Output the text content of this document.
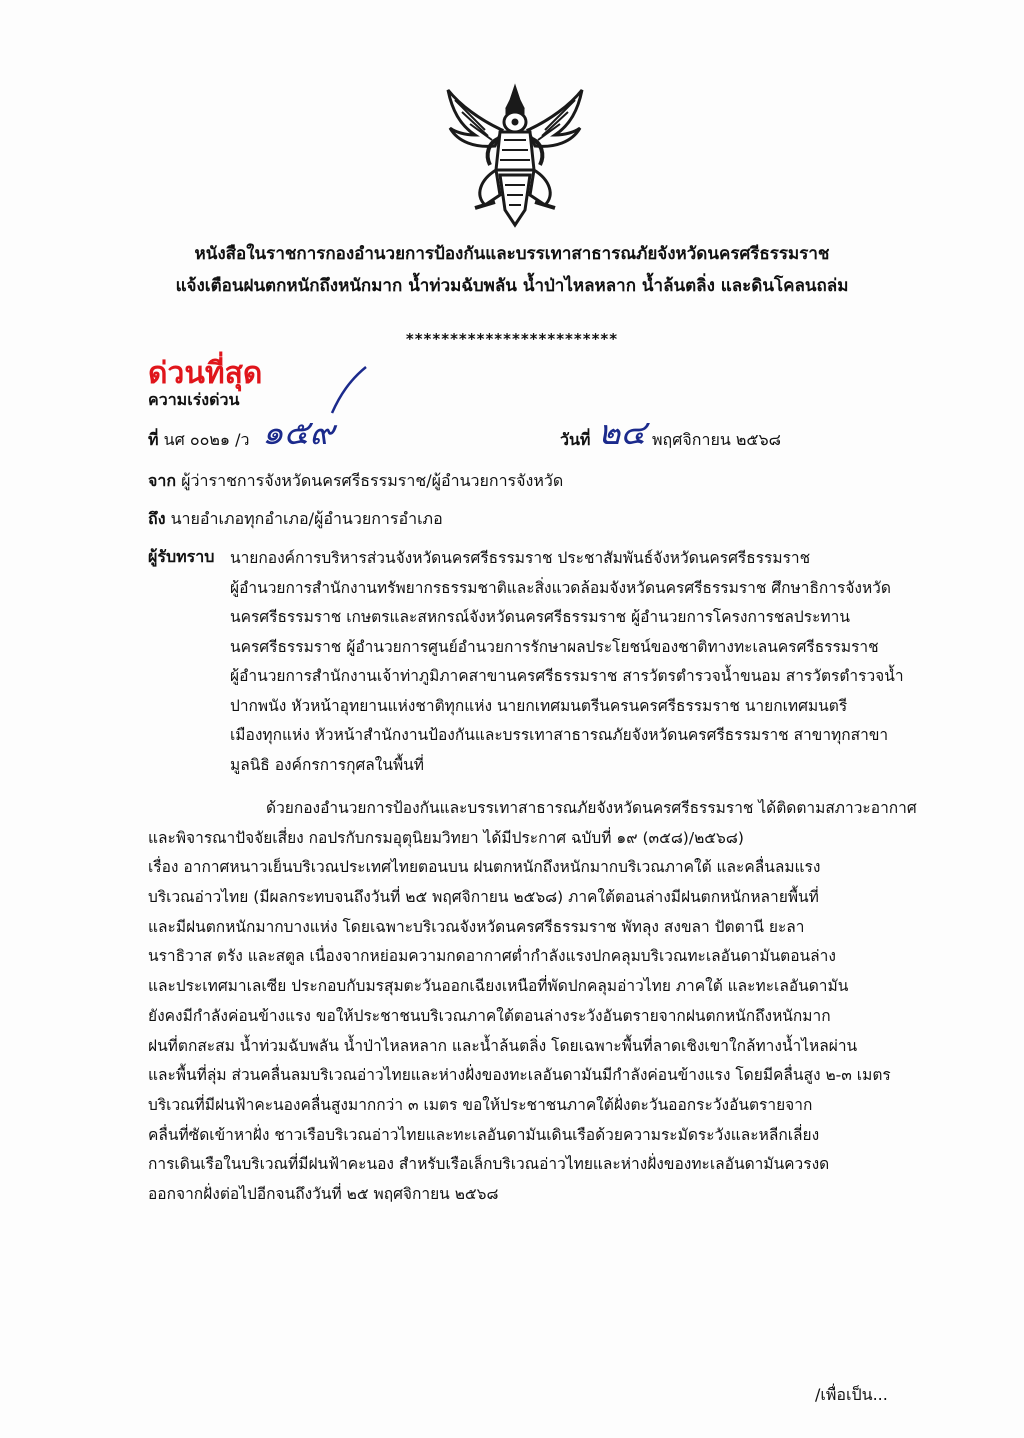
หนังสือในราชการกองอำนวยการป้องกันและบรรเทาสาธารณภัยจังหวัดนครศรีธรรมราช
แจ้งเตือนฝนตกหนักถึงหนักมาก น้ำท่วมฉับพลัน น้ำป่าไหลหลาก น้ำล้นตลิ่ง และดินโคลนถล่ม
************************
ด่วนที่สุด
ความเร่งด่วน
ที่ นศ ๐๐๒๑ /ว ๑๕๙	วันที่ ๒๔ พฤศจิกายน ๒๕๖๘
จาก ผู้ว่าราชการจังหวัดนครศรีธรรมราช/ผู้อำนวยการจังหวัด
ถึง นายอำเภอทุกอำเภอ/ผู้อำนวยการอำเภอ
ผู้รับทราบ นายกองค์การบริหารส่วนจังหวัดนครศรีธรรมราช ประชาสัมพันธ์จังหวัดนครศรีธรรมราช
ผู้อำนวยการสำนักงานทรัพยากรธรรมชาติและสิ่งแวดล้อมจังหวัดนครศรีธรรมราช ศึกษาธิการจังหวัด
นครศรีธรรมราช เกษตรและสหกรณ์จังหวัดนครศรีธรรมราช ผู้อำนวยการโครงการชลประทาน
นครศรีธรรมราช ผู้อำนวยการศูนย์อำนวยการรักษาผลประโยชน์ของชาติทางทะเลนครศรีธรรมราช
ผู้อำนวยการสำนักงานเจ้าท่าภูมิภาคสาขานครศรีธรรมราช สารวัตรตำรวจน้ำขนอม สารวัตรตำรวจน้ำ
ปากพนัง หัวหน้าอุทยานแห่งชาติทุกแห่ง นายกเทศมนตรีนครนครศรีธรรมราช นายกเทศมนตรี
เมืองทุกแห่ง หัวหน้าสำนักงานป้องกันและบรรเทาสาธารณภัยจังหวัดนครศรีธรรมราช สาขาทุกสาขา
มูลนิธิ องค์กรการกุศลในพื้นที่
ด้วยกองอำนวยการป้องกันและบรรเทาสาธารณภัยจังหวัดนครศรีธรรมราช ได้ติดตามสภาวะอากาศ
และพิจารณาปัจจัยเสี่ยง กอปรกับกรมอุตุนิยมวิทยา ได้มีประกาศ ฉบับที่ ๑๙ (๓๕๘)/๒๕๖๘)
เรื่อง อากาศหนาวเย็นบริเวณประเทศไทยตอนบน ฝนตกหนักถึงหนักมากบริเวณภาคใต้ และคลื่นลมแรง
บริเวณอ่าวไทย (มีผลกระทบจนถึงวันที่ ๒๕ พฤศจิกายน ๒๕๖๘) ภาคใต้ตอนล่างมีฝนตกหนักหลายพื้นที่
และมีฝนตกหนักมากบางแห่ง โดยเฉพาะบริเวณจังหวัดนครศรีธรรมราช พัทลุง สงขลา ปัตตานี ยะลา
นราธิวาส ตรัง และสตูล เนื่องจากหย่อมความกดอากาศต่ำกำลังแรงปกคลุมบริเวณทะเลอันดามันตอนล่าง
และประเทศมาเลเซีย ประกอบกับมรสุมตะวันออกเฉียงเหนือที่พัดปกคลุมอ่าวไทย ภาคใต้ และทะเลอันดามัน
ยังคงมีกำลังค่อนข้างแรง ขอให้ประชาชนบริเวณภาคใต้ตอนล่างระวังอันตรายจากฝนตกหนักถึงหนักมาก
ฝนที่ตกสะสม น้ำท่วมฉับพลัน น้ำป่าไหลหลาก และน้ำล้นตลิ่ง โดยเฉพาะพื้นที่ลาดเชิงเขาใกล้ทางน้ำไหลผ่าน
และพื้นที่ลุ่ม ส่วนคลื่นลมบริเวณอ่าวไทยและห่างฝั่งของทะเลอันดามันมีกำลังค่อนข้างแรง โดยมีคลื่นสูง ๒-๓ เมตร
บริเวณที่มีฝนฟ้าคะนองคลื่นสูงมากกว่า ๓ เมตร ขอให้ประชาชนภาคใต้ฝั่งตะวันออกระวังอันตรายจาก
คลื่นที่ซัดเข้าหาฝั่ง ชาวเรือบริเวณอ่าวไทยและทะเลอันดามันเดินเรือด้วยความระมัดระวังและหลีกเลี่ยง
การเดินเรือในบริเวณที่มีฝนฟ้าคะนอง สำหรับเรือเล็กบริเวณอ่าวไทยและห่างฝั่งของทะเลอันดามันควรงด
ออกจากฝั่งต่อไปอีกจนถึงวันที่ ๒๕ พฤศจิกายน ๒๕๖๘
/เพื่อเป็น...
